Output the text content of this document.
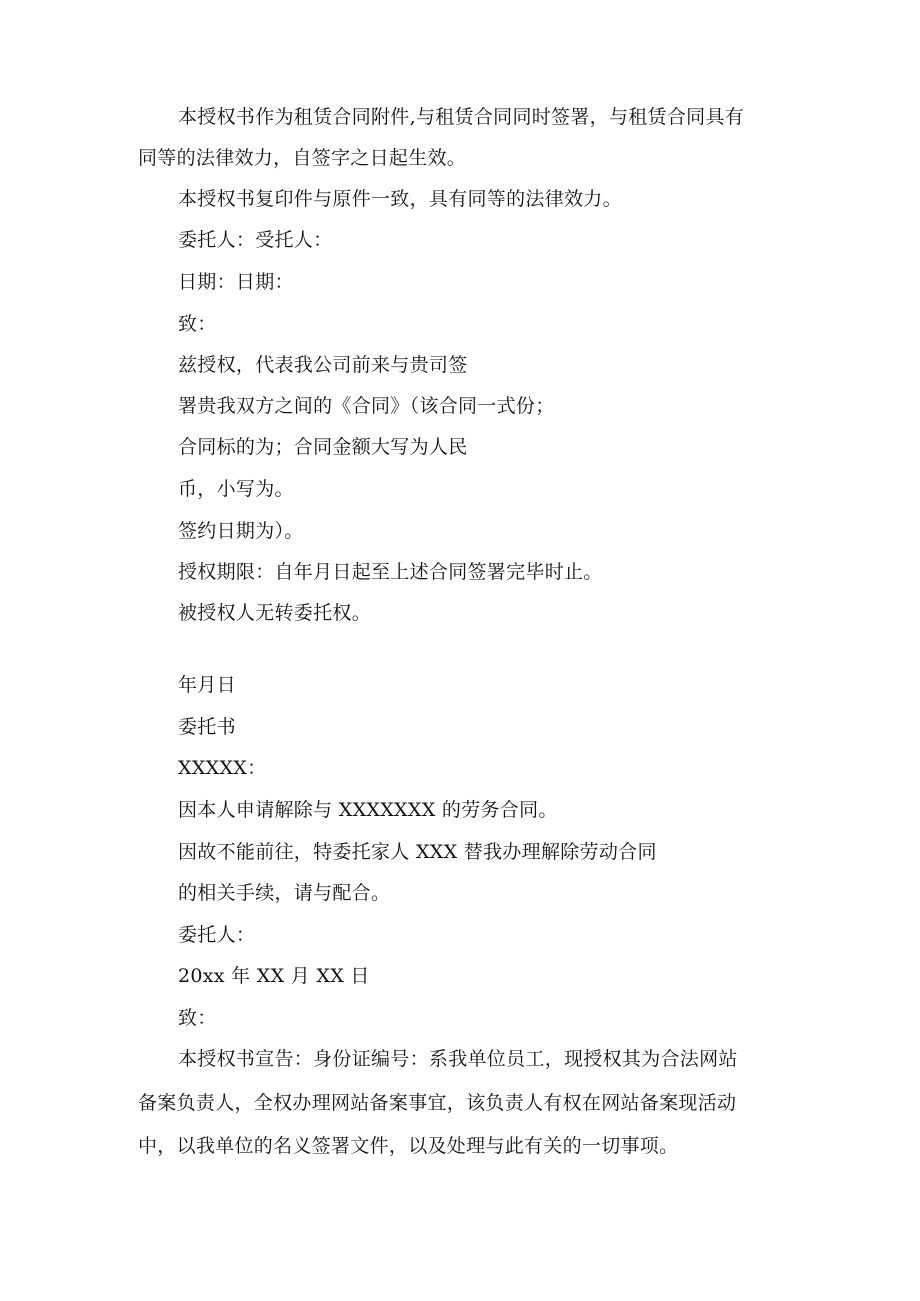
本授权书作为租赁合同附件,与租赁合同同时签署，与租赁合同具有
同等的法律效力，自签字之日起生效。
本授权书复印件与原件一致，具有同等的法律效力。
委托人：受托人：
日期：日期：
致：
兹授权，代表我公司前来与贵司签
署贵我双方之间的《合同》（该合同一式份；
合同标的为；合同金额大写为人民
币，小写为。
签约日期为）。
授权期限：自年月日起至上述合同签署完毕时止。
被授权人无转委托权。
年月日
委托书
XXXXX：
因本人申请解除与 XXXXXXX 的劳务合同。
因故不能前往，特委托家人 XXX 替我办理解除劳动合同
的相关手续，请与配合。
委托人：
20xx 年 XX 月 XX 日
致：
本授权书宣告：身份证编号：系我单位员工，现授权其为合法网站
备案负责人，全权办理网站备案事宜，该负责人有权在网站备案现活动
中，以我单位的名义签署文件，以及处理与此有关的一切事项。
